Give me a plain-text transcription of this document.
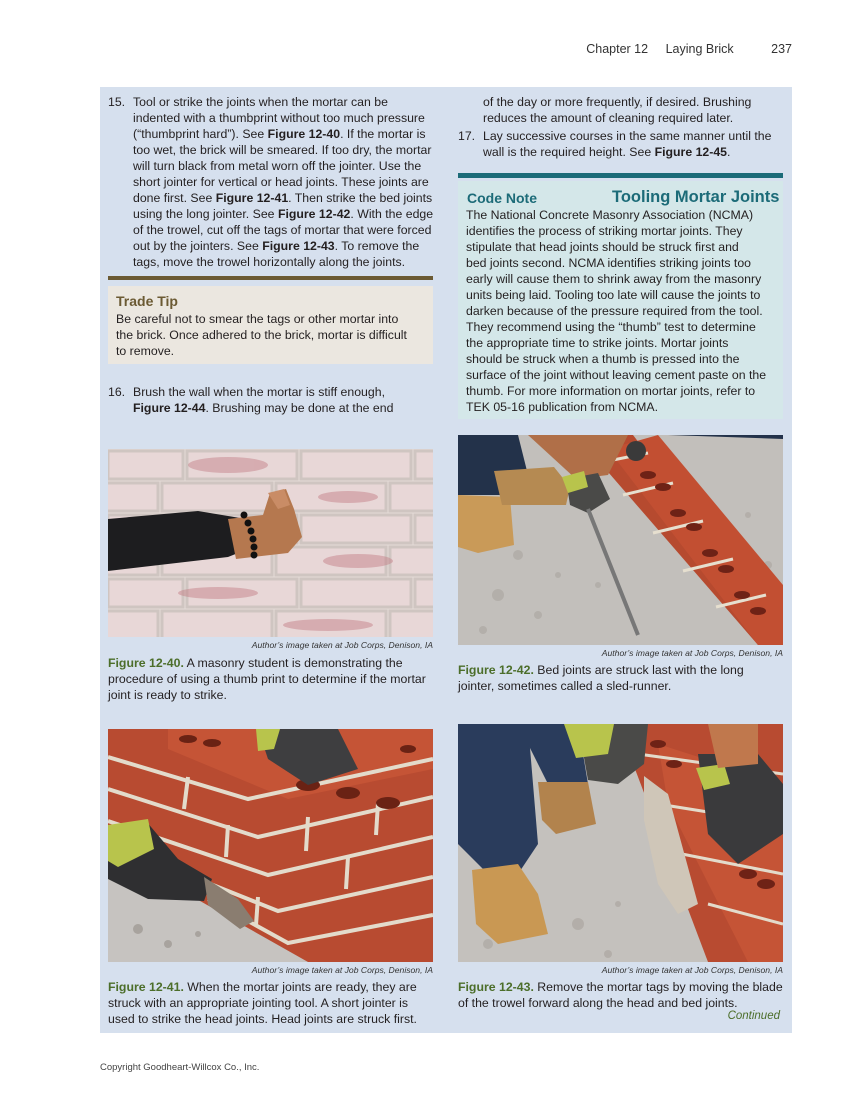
Chapter 12 Laying Brick	237
15. Tool or strike the joints when the mortar can be
indented with a thumbprint without too much pressure
(“thumbprint hard”). See Figure 12-40. If the mortar is
too wet, the brick will be smeared. If too dry, the mortar
will turn black from metal worn off the jointer. Use the
short jointer for vertical or head joints. These joints are
done first. See Figure 12-41. Then strike the bed joints
using the long jointer. See Figure 12-42. With the edge
of the trowel, cut off the tags of mortar that were forced
out by the jointers. See Figure 12-43. To remove the
tags, move the trowel horizontally along the joints.
Trade Tip
Be careful not to smear the tags or other mortar into
the brick. Once adhered to the brick, mortar is difficult
to remove.
16. Brush the wall when the mortar is stiff enough,
Figure 12-44. Brushing may be done at the end
of the day or more frequently, if desired. Brushing
reduces the amount of cleaning required later.
17. Lay successive courses in the same manner until the
wall is the required height. See Figure 12-45.
Code Note	Tooling Mortar Joints
The National Concrete Masonry Association (NCMA)
identifies the process of striking mortar joints. They
stipulate that head joints should be struck first and
bed joints second. NCMA identifies striking joints too
early will cause them to shrink away from the masonry
units being laid. Tooling too late will cause the joints to
darken because of the pressure required from the tool.
They recommend using the “thumb” test to determine
the appropriate time to strike joints. Mortar joints
should be struck when a thumb is pressed into the
surface of the joint without leaving cement paste on the
thumb. For more information on mortar joints, refer to
TEK 05-16 publication from NCMA.
Author’s image taken at Job Corps, Denison, IA
Figure 12-40. A masonry student is demonstrating the
procedure of using a thumb print to determine if the mortar
joint is ready to strike.
Author’s image taken at Job Corps, Denison, IA
Figure 12-42. Bed joints are struck last with the long
jointer, sometimes called a sled-runner.
Author’s image taken at Job Corps, Denison, IA
Figure 12-41. When the mortar joints are ready, they are
struck with an appropriate jointing tool. A short jointer is
used to strike the head joints. Head joints are struck first.
Author’s image taken at Job Corps, Denison, IA
Figure 12-43. Remove the mortar tags by moving the blade
of the trowel forward along the head and bed joints.
Continued
Copyright Goodheart-Willcox Co., Inc.
